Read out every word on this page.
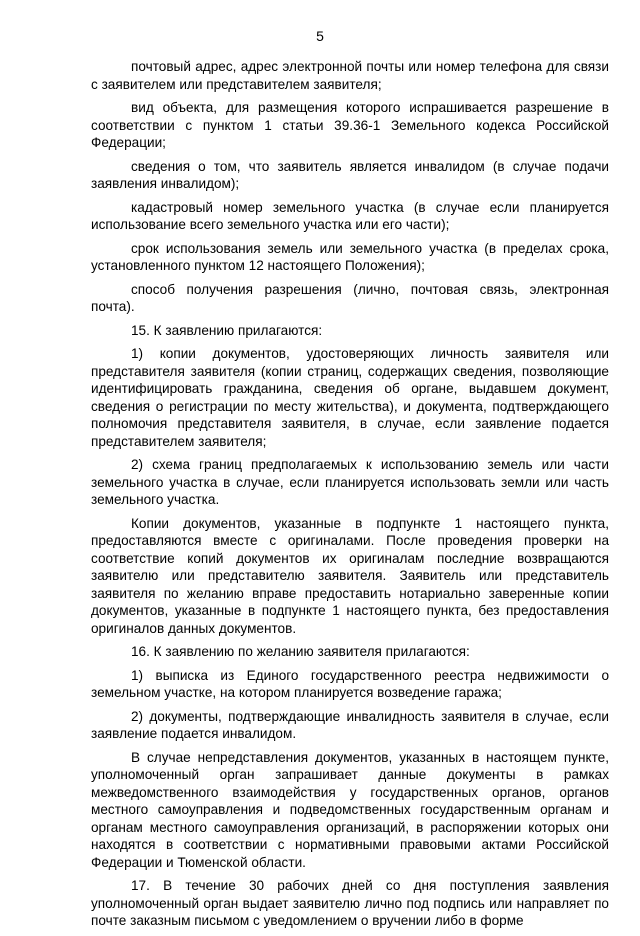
5

почтовый адрес, адрес электронной почты или номер телефона для связи с заявителем или представителем заявителя;

вид объекта, для размещения которого испрашивается разрешение в соответствии с пунктом 1 статьи 39.36-1 Земельного кодекса Российской Федерации;

сведения о том, что заявитель является инвалидом (в случае подачи заявления инвалидом);

кадастровый номер земельного участка (в случае если планируется использование всего земельного участка или его части);

срок использования земель или земельного участка (в пределах срока, установленного пунктом 12 настоящего Положения);

способ получения разрешения (лично, почтовая связь, электронная почта).

15. К заявлению прилагаются:

1) копии документов, удостоверяющих личность заявителя или представителя заявителя (копии страниц, содержащих сведения, позволяющие идентифицировать гражданина, сведения об органе, выдавшем документ, сведения о регистрации по месту жительства), и документа, подтверждающего полномочия представителя заявителя, в случае, если заявление подается представителем заявителя;

2) схема границ предполагаемых к использованию земель или части земельного участка в случае, если планируется использовать земли или часть земельного участка.

Копии документов, указанные в подпункте 1 настоящего пункта, предоставляются вместе с оригиналами. После проведения проверки на соответствие копий документов их оригиналам последние возвращаются заявителю или представителю заявителя. Заявитель или представитель заявителя по желанию вправе предоставить нотариально заверенные копии документов, указанные в подпункте 1 настоящего пункта, без предоставления оригиналов данных документов.

16. К заявлению по желанию заявителя прилагаются:

1) выписка из Единого государственного реестра недвижимости о земельном участке, на котором планируется возведение гаража;

2) документы, подтверждающие инвалидность заявителя в случае, если заявление подается инвалидом.

В случае непредставления документов, указанных в настоящем пункте, уполномоченный орган запрашивает данные документы в рамках межведомственного взаимодействия у государственных органов, органов местного самоуправления и подведомственных государственным органам и органам местного самоуправления организаций, в распоряжении которых они находятся в соответствии с нормативными правовыми актами Российской Федерации и Тюменской области.

17. В течение 30 рабочих дней со дня поступления заявления уполномоченный орган выдает заявителю лично под подпись или направляет по почте заказным письмом с уведомлением о вручении либо в форме
